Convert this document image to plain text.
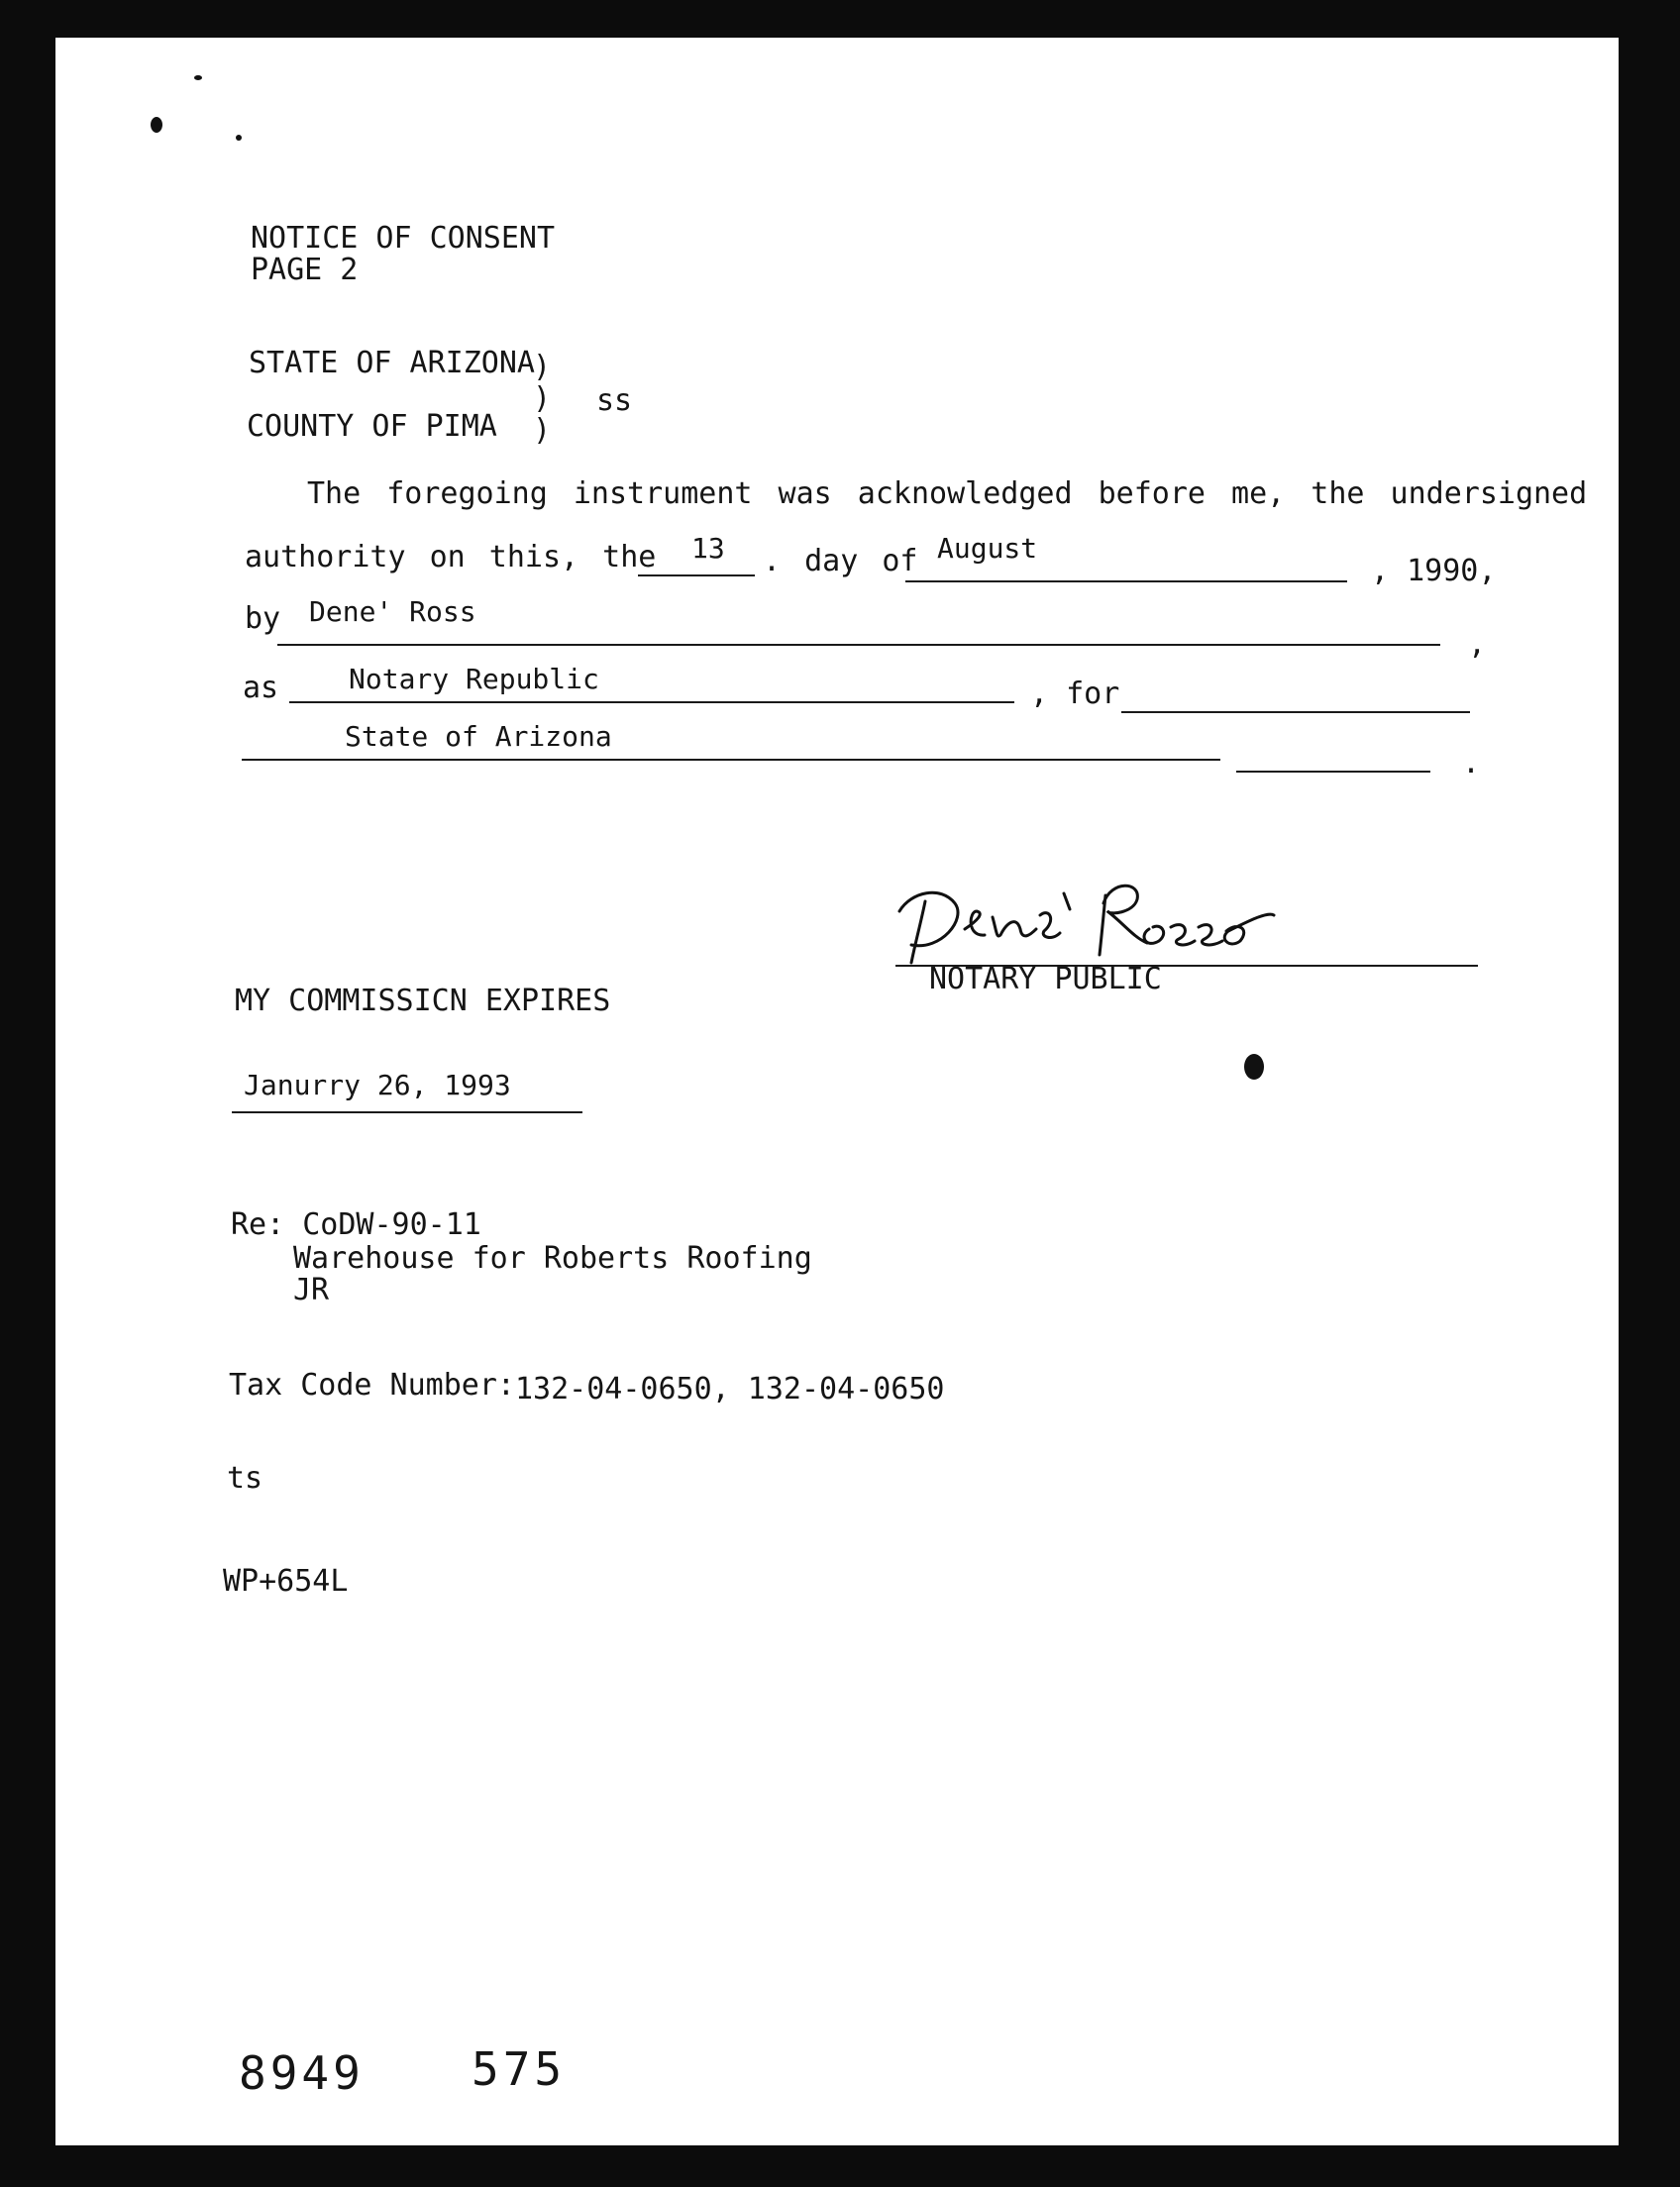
NOTICE OF CONSENT
PAGE 2
STATE OF ARIZONA
)
) ss
COUNTY OF PIMA )
The foregoing instrument was acknowledged before me, the undersigned
authority on this, the 13 . day of August
, 1990,
by Dene' Ross
,
as	Notary Republic	, for
State of Arizona
.
NOTARY PUBLIC
MY COMMISSICN EXPIRES
Janurry 26, 1993
Re: CoDW-90-11
Warehouse for Roberts Roofing
JR
Tax Code Number: 132-04-0650, 132-04-0650
ts
WP+654L
8949 575
